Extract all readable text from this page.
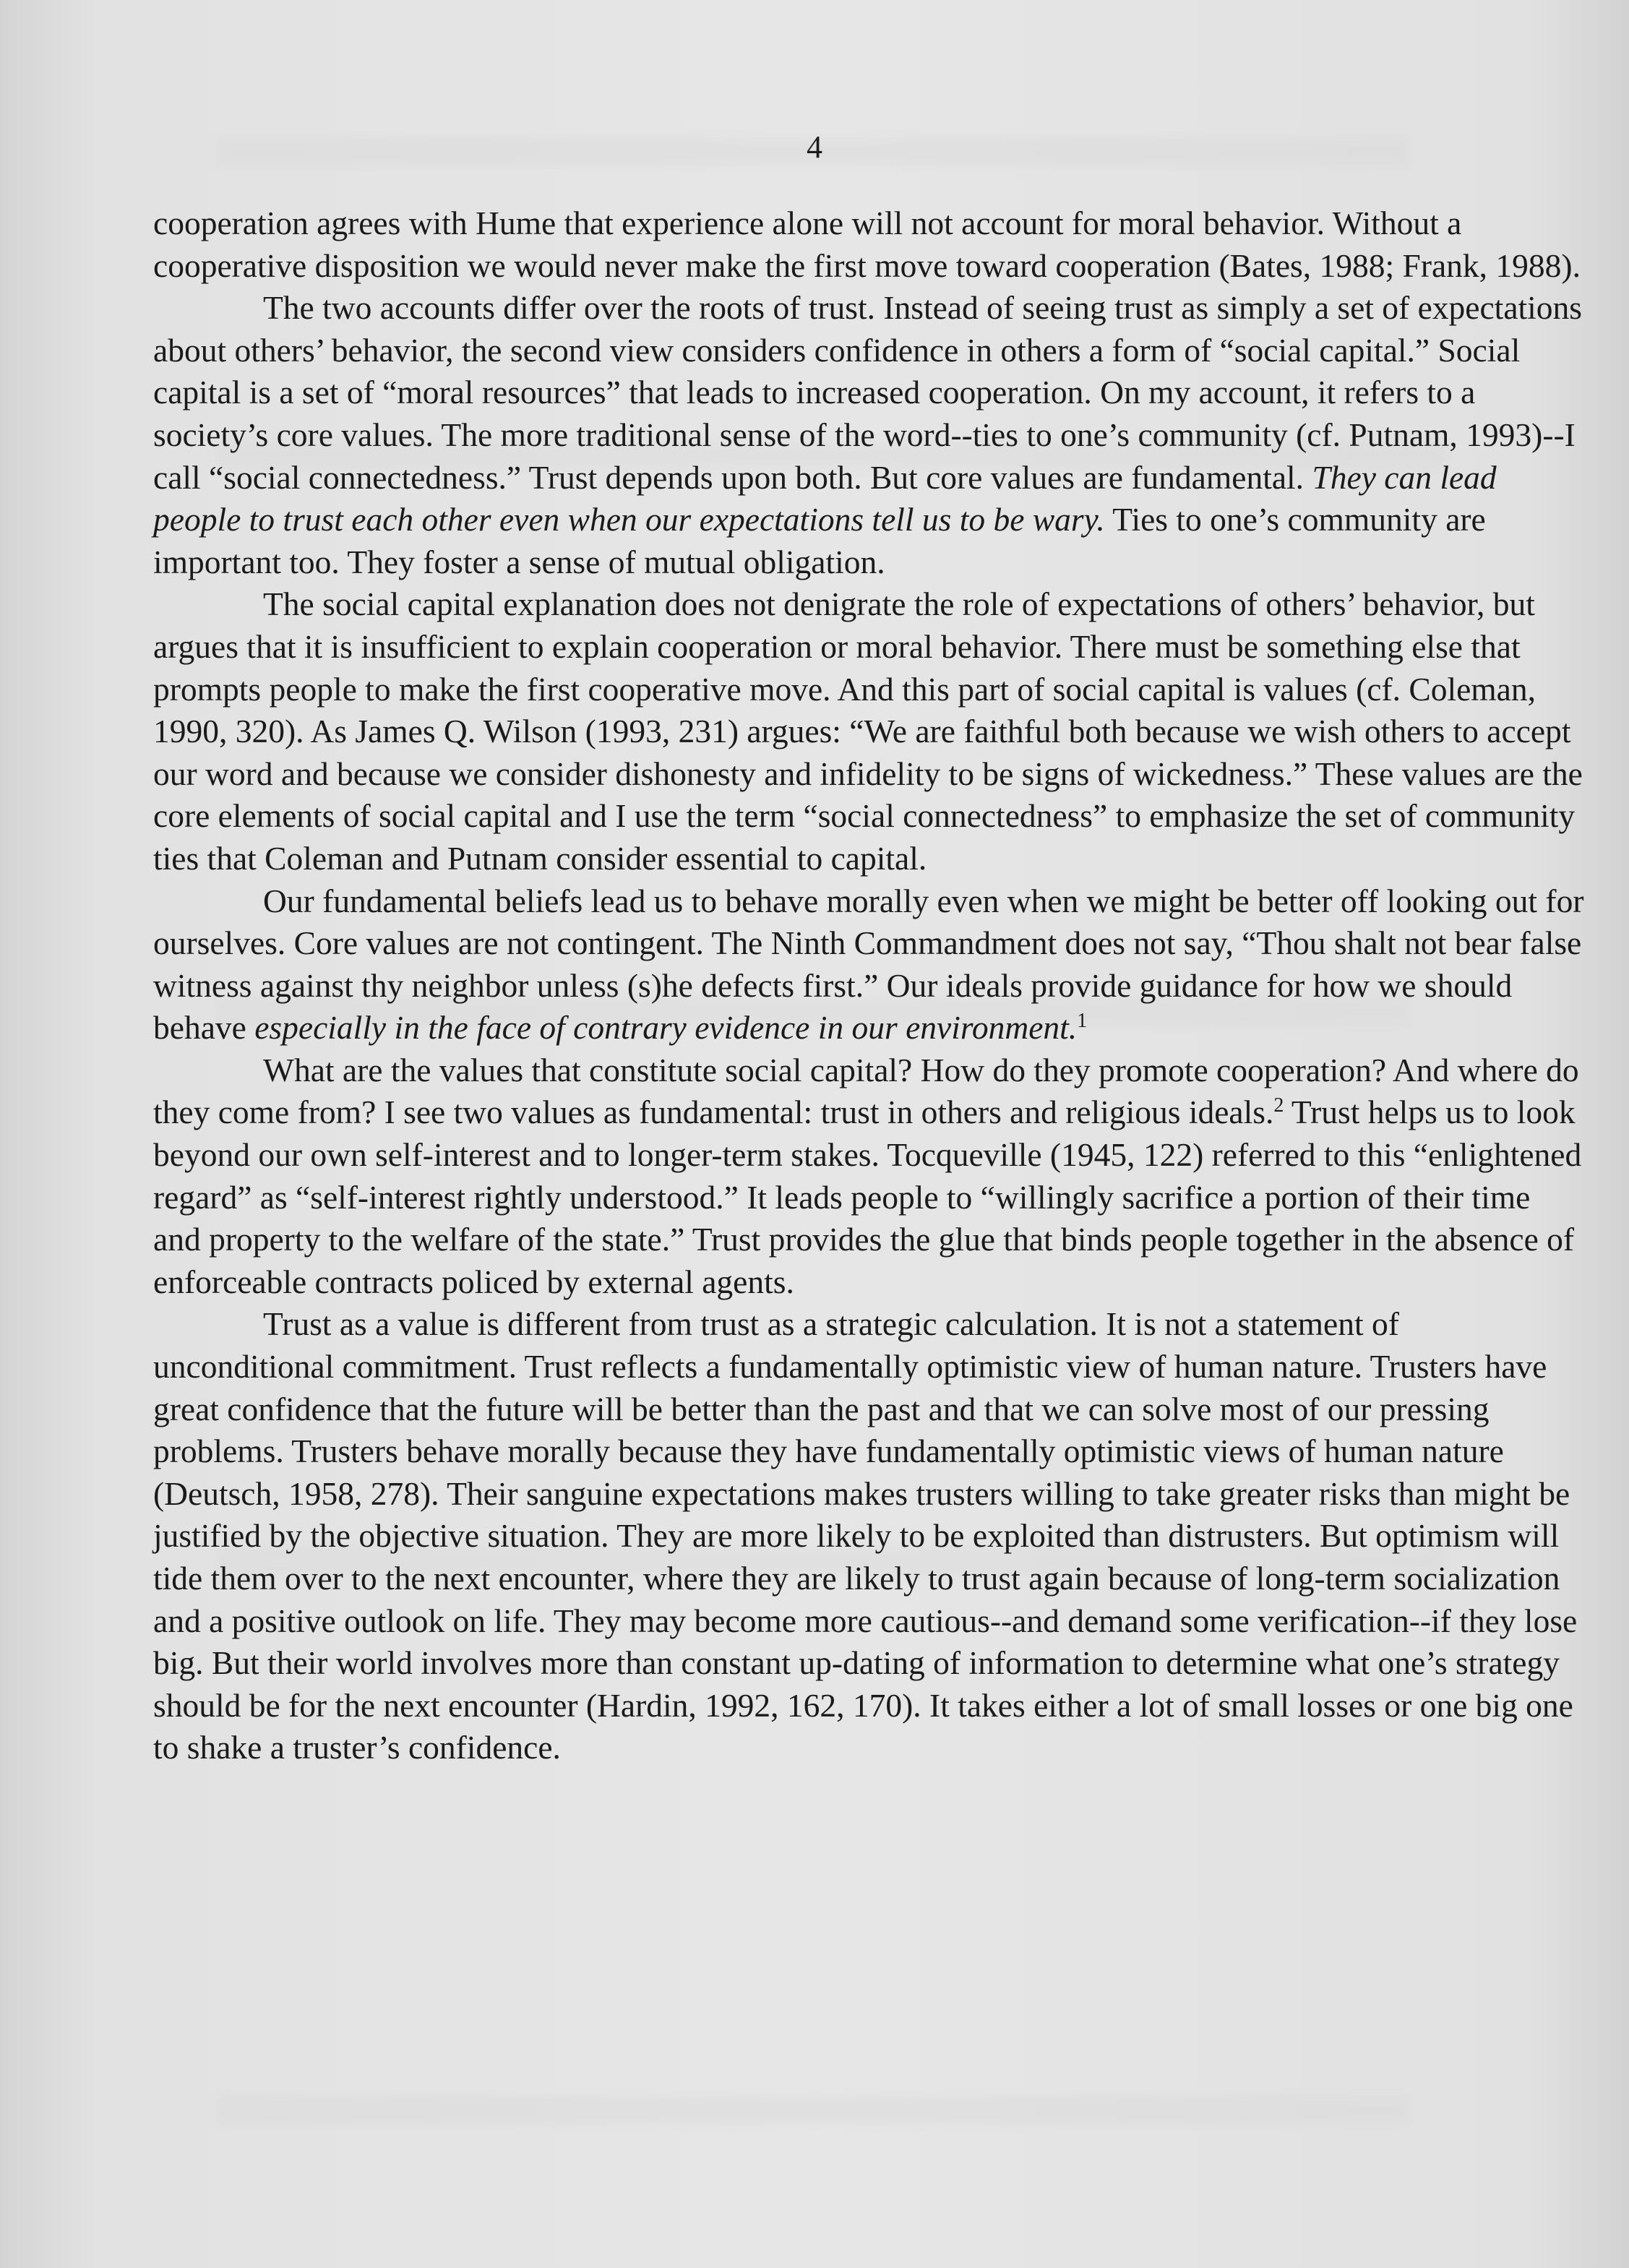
4

cooperation agrees with Hume that experience alone will not account for moral behavior. Without a cooperative disposition we would never make the first move toward cooperation (Bates, 1988; Frank, 1988).

The two accounts differ over the roots of trust. Instead of seeing trust as simply a set of expectations about others’ behavior, the second view considers confidence in others a form of “social capital.” Social capital is a set of “moral resources” that leads to increased cooperation. On my account, it refers to a society’s core values. The more traditional sense of the word--ties to one’s community (cf. Putnam, 1993)--I call “social connectedness.” Trust depends upon both. But core values are fundamental. They can lead people to trust each other even when our expectations tell us to be wary. Ties to one’s community are important too. They foster a sense of mutual obligation.

The social capital explanation does not denigrate the role of expectations of others’ behavior, but argues that it is insufficient to explain cooperation or moral behavior. There must be something else that prompts people to make the first cooperative move. And this part of social capital is values (cf. Coleman, 1990, 320). As James Q. Wilson (1993, 231) argues: “We are faithful both because we wish others to accept our word and because we consider dishonesty and infidelity to be signs of wickedness.” These values are the core elements of social capital and I use the term “social connectedness” to emphasize the set of community ties that Coleman and Putnam consider essential to capital.

Our fundamental beliefs lead us to behave morally even when we might be better off looking out for ourselves. Core values are not contingent. The Ninth Commandment does not say, “Thou shalt not bear false witness against thy neighbor unless (s)he defects first.” Our ideals provide guidance for how we should behave especially in the face of contrary evidence in our environment.$^1$

What are the values that constitute social capital? How do they promote cooperation? And where do they come from? I see two values as fundamental: trust in others and religious ideals.$^2$ Trust helps us to look beyond our own self-interest and to longer-term stakes. Tocqueville (1945, 122) referred to this “enlightened regard” as “self-interest rightly understood.” It leads people to “willingly sacrifice a portion of their time and property to the welfare of the state.” Trust provides the glue that binds people together in the absence of enforceable contracts policed by external agents.

Trust as a value is different from trust as a strategic calculation. It is not a statement of unconditional commitment. Trust reflects a fundamentally optimistic view of human nature. Trusters have great confidence that the future will be better than the past and that we can solve most of our pressing problems. Trusters behave morally because they have fundamentally optimistic views of human nature (Deutsch, 1958, 278). Their sanguine expectations makes trusters willing to take greater risks than might be justified by the objective situation. They are more likely to be exploited than distrusters. But optimism will tide them over to the next encounter, where they are likely to trust again because of long-term socialization and a positive outlook on life. They may become more cautious--and demand some verification--if they lose big. But their world involves more than constant up-dating of information to determine what one’s strategy should be for the next encounter (Hardin, 1992, 162, 170). It takes either a lot of small losses or one big one to shake a truster’s confidence.
